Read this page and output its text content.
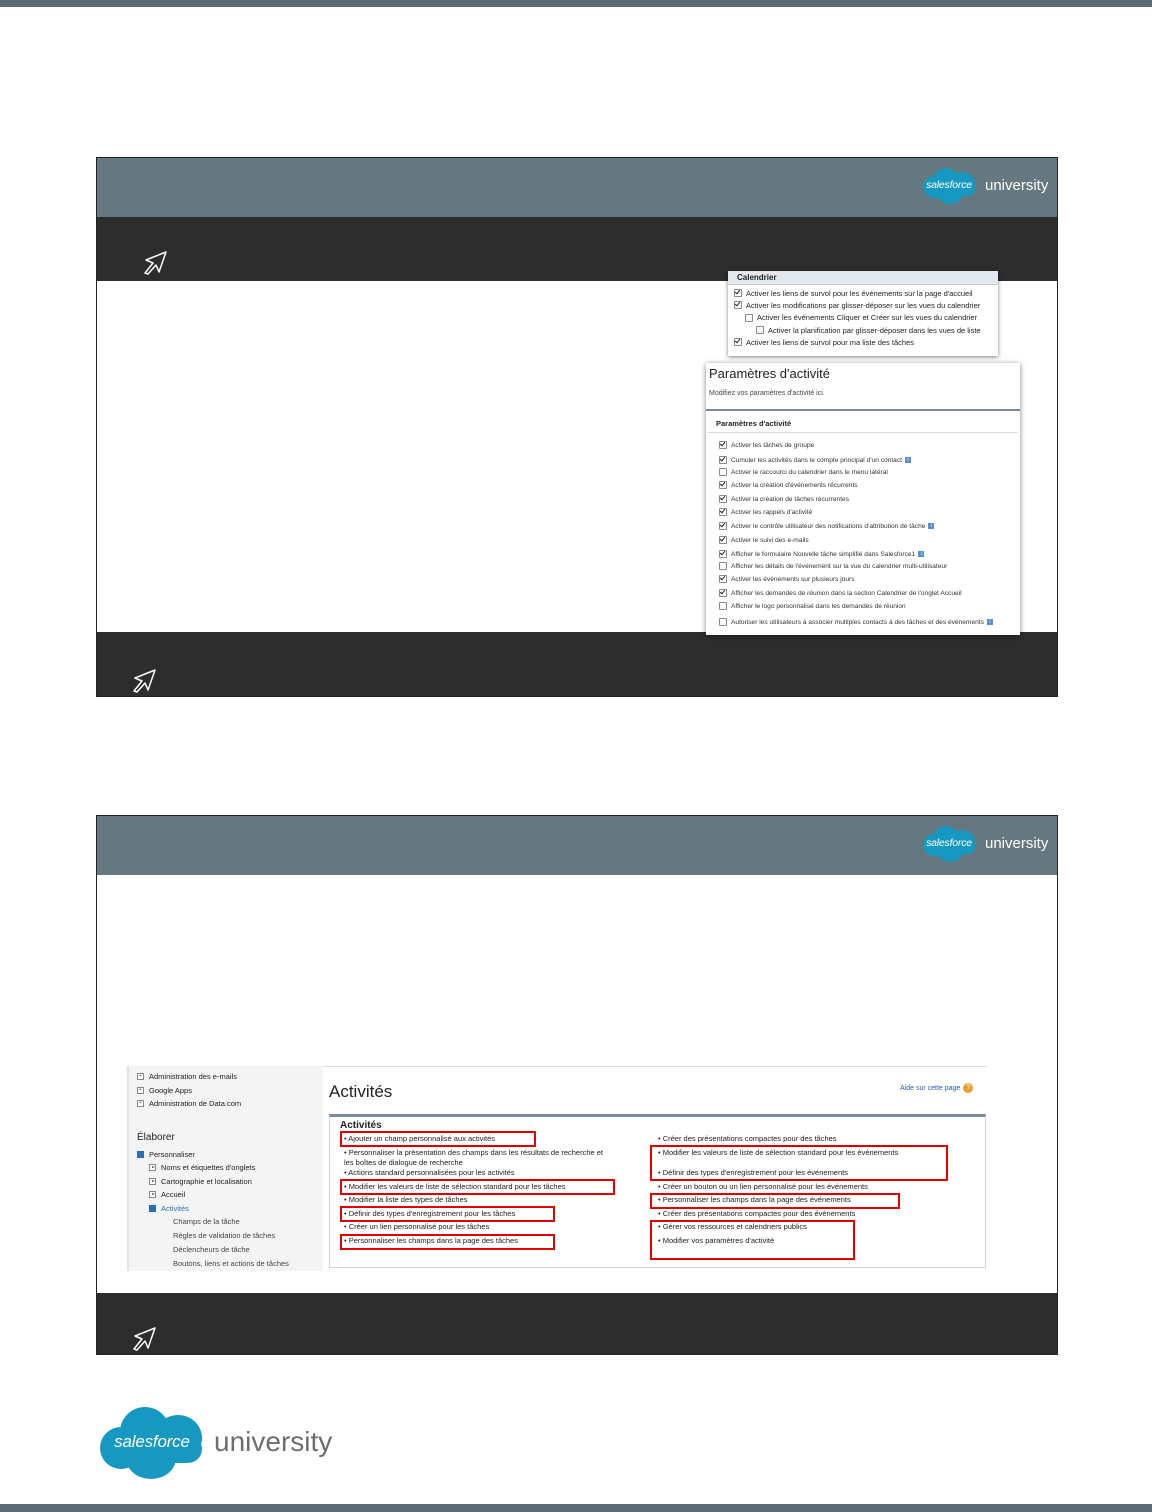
salesforce university
Calendrier
Activer les liens de survol pour les événements sur la page d'accueil
Activer les modifications par glisser-déposer sur les vues du calendrier
Activer les événements Cliquer et Créer sur les vues du calendrier
Activer la planification par glisser-déposer dans les vues de liste
Activer les liens de survol pour ma liste des tâches
Paramètres d'activité
Modifiez vos paramètres d'activité ici.
Paramètres d'activité
Activer les tâches de groupe
Cumuler les activités dans le compte principal d'un contact	i
Activer le raccourci du calendrier dans le menu latéral
Activer la création d'événements récurrents
Activer la création de tâches récurrentes
Activer les rappels d'activité
Activer le contrôle utilisateur des notifications d'attribution de tâche	i
Activer le suivi des e-mails
Afficher le formulaire Nouvelle tâche simplifié dans Salesforce1	i
Afficher les détails de l'événement sur la vue du calendrier multi-utilisateur
Activer les événements sur plusieurs jours
Afficher les demandes de réunion dans la section Calendrier de l'onglet Accueil
Afficher le logo personnalisé dans les demandes de réunion
Autoriser les utilisateurs à associer multiples contacts à des tâches et des événements	i
salesforce university
+ Administration des e-mails
+ Google Apps
+ Administration de Data.com
Élaborer
Personnaliser
Noms et étiquettes d'onglets
Cartographie et localisation
Accueil
Activités
Champs de la tâche
Règles de validation de tâches
Déclencheurs de tâche
Boutons, liens et actions de tâches
Activités	Aide sur cette page ?
Activités
• Ajouter un champ personnalisé aux activités
• Personnaliser la présentation des champs dans les résultats de recherche et
les boîtes de dialogue de recherche
• Actions standard personnalisées pour les activités
• Modifier les valeurs de liste de sélection standard pour les tâches
• Modifier la liste des types de tâches
• Définir des types d'enregistrement pour les tâches
• Créer un lien personnalisé pour les tâches
• Personnaliser les champs dans la page des tâches
• Créer des présentations compactes pour des tâches
• Modifier les valeurs de liste de sélection standard pour les événements
• Définir des types d'enregistrement pour les événements
• Créer un bouton ou un lien personnalisé pour les événements
• Personnaliser les champs dans la page des événements
• Créer des présentations compactes pour des événements
• Gérer vos ressources et calendriers publics
• Modifier vos paramètres d'activité
salesforce university
